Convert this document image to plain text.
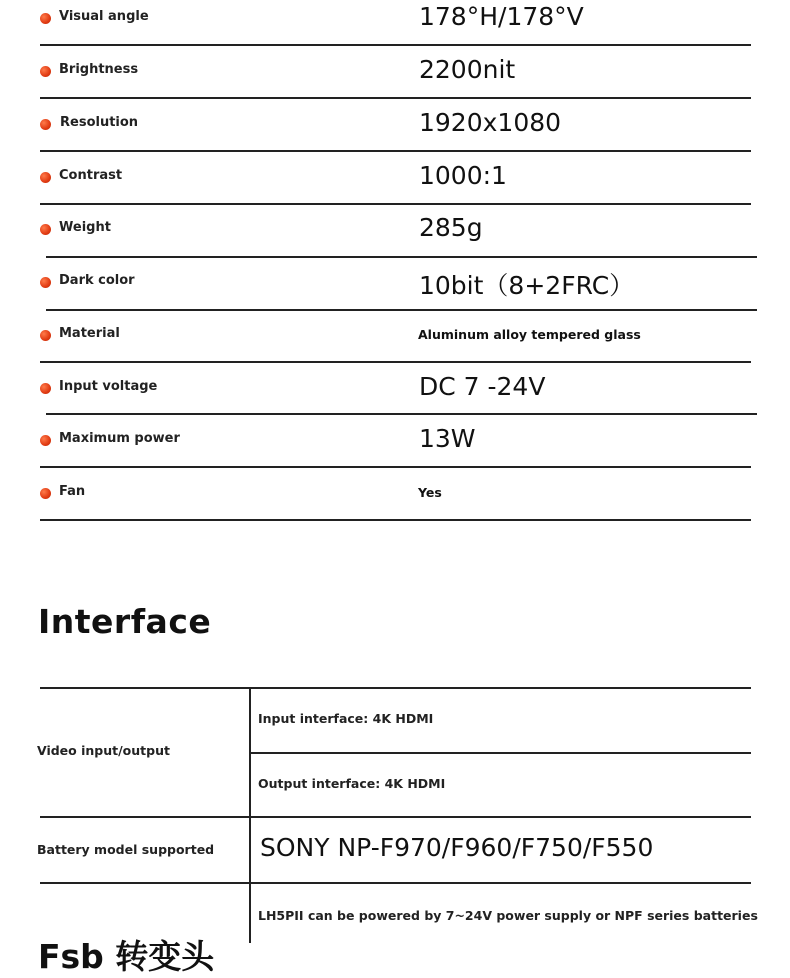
Visual angle	178°H/178°V
Brightness	2200nit
Resolution	1920x1080
Contrast	1000:1
Weight	285g
Dark color	10bit（8+2FRC）
Material	Aluminum alloy tempered glass
Input voltage	DC 7 -24V
Maximum power	13W
Fan	Yes
Interface
Video input/output
Input interface: 4K HDMI
Output interface: 4K HDMI
Battery model supported SONY NP-F970/F960/F750/F550
LH5PII can be powered by 7~24V power supply or NPF series batteries
Fsb 转变头
